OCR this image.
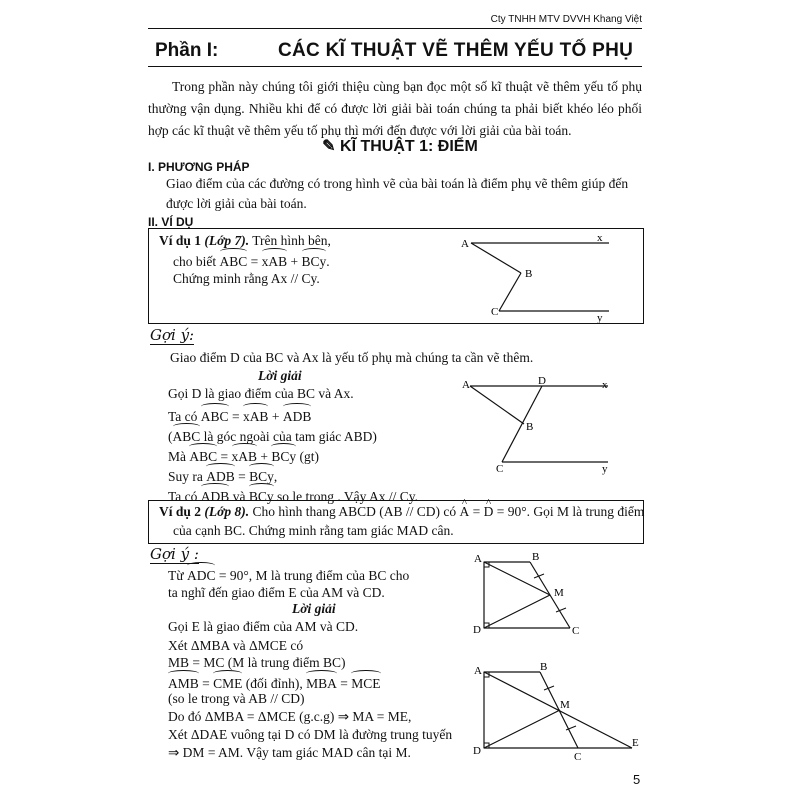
Cty TNHH MTV DVVH Khang Việt
Phần I:	CÁC KĨ THUẬT VẼ THÊM YẾU TỐ PHỤ
Trong phần này chúng tôi giới thiệu cùng bạn đọc một số kĩ thuật vẽ thêm yếu tố phụ thường vận dụng. Nhiều khi để có được lời giải bài toán chúng ta phải biết khéo léo phối hợp các kĩ thuật vẽ thêm yếu tố phụ thì mới đến được với lời giải của bài toán.
✎ KĨ THUẬT 1: ĐIỂM
I. PHƯƠNG PHÁP
Giao điểm của các đường có trong hình vẽ của bài toán là điểm phụ vẽ thêm giúp đến được lời giải của bài toán.
II. VÍ DỤ
Ví dụ 1 (Lớp 7). Trên hình bên,
cho biết ABC = xAB + BCy.
Chứng minh rằng Ax // Cy.
A	x
B
C	y
Gợi ý:
Giao điểm D của BC và Ax là yếu tố phụ mà chúng ta cần vẽ thêm.
Lời giải
Gọi D là giao điểm của BC và Ax.
Ta có ABC = xAB + ADB
(ABC là góc ngoài của tam giác ABD)
Mà ABC = xAB + BCy (gt)
Suy ra ADB = BCy,
Ta có ADB và BCy so le trong . Vậy Ax // Cy.
A	D	x
B
C	y
Ví dụ 2 (Lớp 8). Cho hình thang ABCD (AB // CD) có ^ A = ^ D = 90°. Gọi M là trung điểm
của cạnh BC. Chứng minh rằng tam giác MAD cân.
Gợi ý :
Từ ADC = 90°, M là trung điểm của BC cho
ta nghĩ đến giao điểm E của AM và CD.
Lời giải
Gọi E là giao điểm của AM và CD.
Xét ΔMBA và ΔMCE có
MB = MC (M là trung điểm BC)
AMB = CME (đối đỉnh), MBA = MCE
(so le trong và AB // CD)
Do đó ΔMBA = ΔMCE (g.c.g) ⇒ MA = ME,
Xét ΔDAE vuông tại D có DM là đường trung tuyến
⇒ DM = AM. Vậy tam giác MAD cân tại M.
A	B
M
D	C
A	B
M
D	C
E
5
